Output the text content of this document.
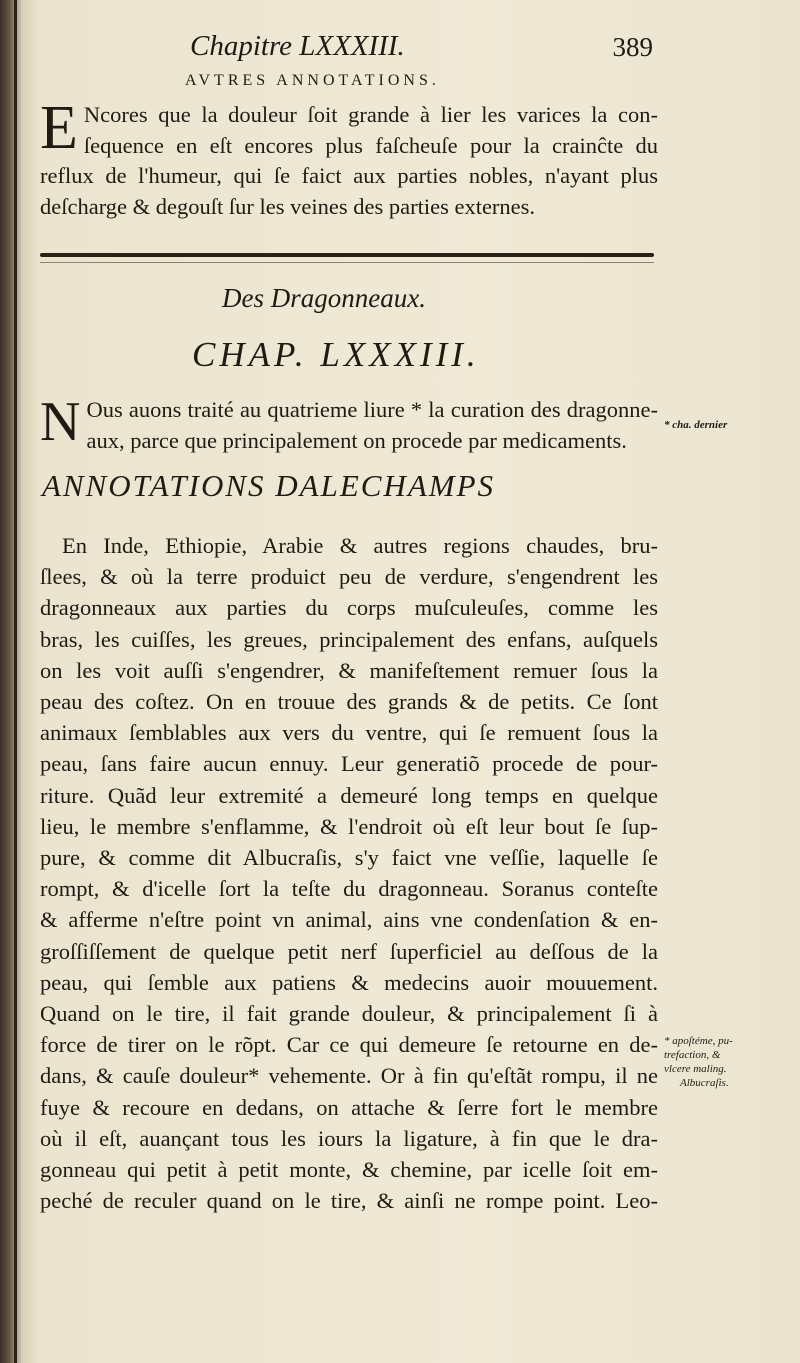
Chapitre LXXXIII.	389
AVTRES ANNOTATIONS.

E Ncores que la douleur ſoit grande à lier les varices la con-
ſequence en eſt encores plus faſcheuſe pour la crainĉte du
reflux de l'humeur, qui ſe faict aux parties nobles, n'ayant plus
deſcharge & degouſt ſur les veines des parties externes.

Des Dragonneaux.
CHAP. LXXXIII.

N Ous auons traité au quatrieme liure * la curation des dragonne-
aux, parce que principalement on procede par medicaments.

ANNOTATIONS DALECHAMPS

En Inde, Ethiopie, Arabie & autres regions chaudes, bru-
ſlees, & où la terre produict peu de verdure, s'engendrent les
dragonneaux aux parties du corps muſculeuſes, comme les
bras, les cuiſſes, les greues, principalement des enfans, auſquels
on les voit auſſi s'engendrer, & manifeſtement remuer ſous la
peau des coſtez. On en trouue des grands & de petits. Ce ſont
animaux ſemblables aux vers du ventre, qui ſe remuent ſous la
peau, ſans faire aucun ennuy. Leur generatiõ procede de pour-
riture. Quãd leur extremité a demeuré long temps en quelque
lieu, le membre s'enflamme, & l'endroit où eſt leur bout ſe ſup-
pure, & comme dit Albucraſis, s'y faict vne veſſie, laquelle ſe
rompt, & d'icelle ſort la teſte du dragonneau. Soranus conteſte
& afferme n'eſtre point vn animal, ains vne condenſation & en-
groſſiſſement de quelque petit nerf ſuperficiel au deſſous de la
peau, qui ſemble aux patiens & medecins auoir mouuement.
Quand on le tire, il fait grande douleur, & principalement ſi à
force de tirer on le rõpt. Car ce qui demeure ſe retourne en de-
dans, & cauſe douleur* vehemente. Or à fin qu'eſtãt rompu, il ne
fuye & recoure en dedans, on attache & ſerre fort le membre
où il eſt, auançant tous les iours la ligature, à fin que le dra-
gonneau qui petit à petit monte, & chemine, par icelle ſoit em-
peché de reculer quand on le tire, & ainſi ne rompe point. Leo-

* cha. dernier
* apoſtéme, pu-
trefaction, &
vlcere maling.
Albucraſis.
